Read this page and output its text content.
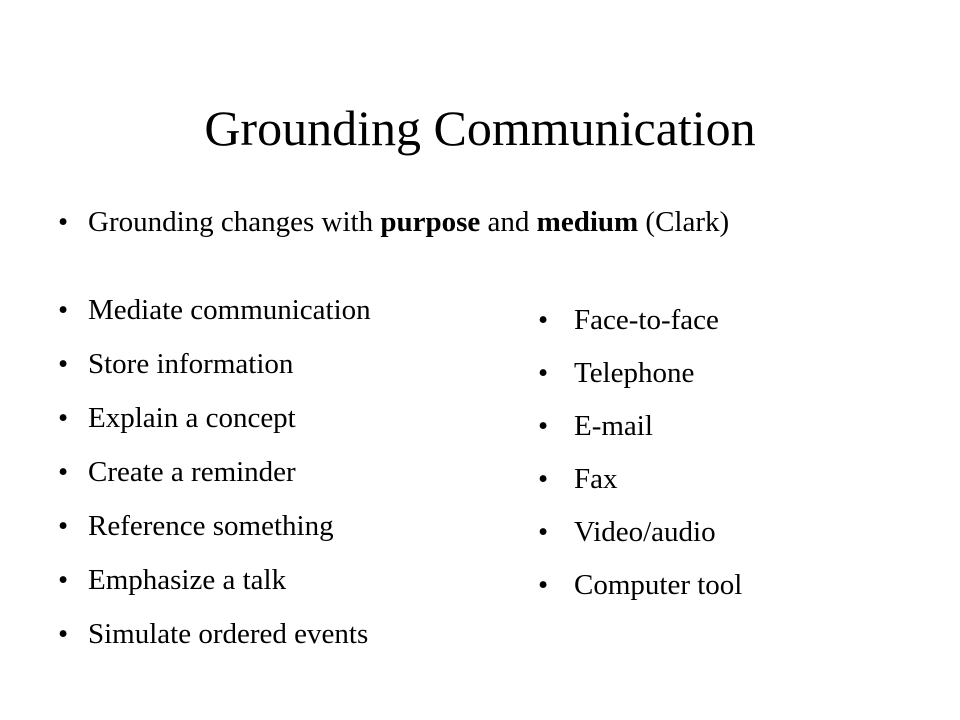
Grounding Communication
• Grounding changes with purpose and medium (Clark)
• Mediate communication
• Store information
• Explain a concept
• Create a reminder
• Reference something
• Emphasize a talk
• Simulate ordered events
• Face-to-face
• Telephone
• E-mail
• Fax
• Video/audio
• Computer tool
